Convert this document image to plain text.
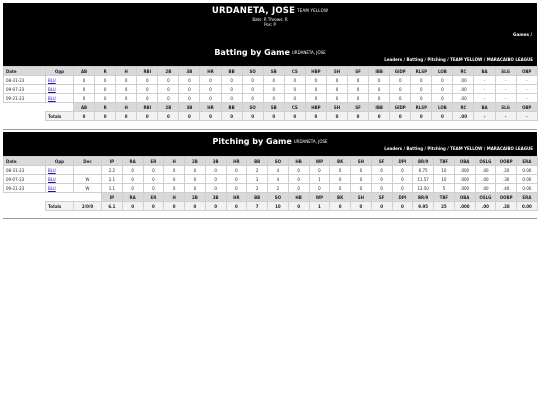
URDANETA, JOSE TEAM YELLOW
Bats: R Throws: R
Pos: P
Games /
Batting by Game $^{URDANETA, JOSE}$
Leaders / Batting / Pitching / TEAM YELLOW / MARACAIBO LEAGUE
Date	Opp	AB	R	H	RBI	2B	3B	HR	BB	SO	SB	CS	HBP	SH	SF	IBB	GIDP	RLSP	LOB	RC	BA	SLG	OBP
08-31-23	BLU	0	0	0	0	0	0	0	0	0	0	0	0	0	0	0	0	0	0	.00	-	-	-
09-07-23	BLU	0	0	0	0	0	0	0	0	0	0	0	0	0	0	0	0	0	0	.00	-	-	-
09-21-23	BLU	0	0	0	0	0	0	0	0	0	0	0	0	0	0	0	0	0	0	.00	-	-	-
		AB	R	H	RBI	2B	3B	HR	BB	SO	SB	CS	HBP	SH	SF	IBB	GIDP	RLSP	LOB	RC	BA	SLG	OBP
	Totals	0	0	0	0	0	0	0	0	0	0	0	0	0	0	0	0	0	0	.00	-	-	-
Pitching by Game $^{URDANETA, JOSE}$
Leaders / Batting / Pitching / TEAM YELLOW / MARACAIBO LEAGUE
Date	Opp	Dec	IP	RA	ER	H	2B	3B	HR	BB	SO	HB	WP	BK	SH	SF	DPI	BR/9	TBF	OBA	OSLG	OOBP	ERA
08-31-23	BLU		2.2	0	0	0	0	0	0	2	4	0	0	0	0	0	0	6.75	10	.000	.00	.20	0.00
09-07-23	BLU	W	2.1	0	0	0	0	0	0	3	4	0	1	0	0	0	0	11.57	10	.000	.00	.30	0.00
09-21-23	BLU	W	1.1	0	0	0	0	0	0	2	2	0	0	0	0	0	0	13.50	5	.000	.00	.40	0.00
			IP	RA	ER	H	2B	3B	HR	BB	SO	HB	WP	BK	SH	SF	DPI	BR/9	TBF	OBA	OSLG	OOBP	ERA
	Totals	2/0/0	6.1	0	0	0	0	0	0	7	10	0	1	0	0	0	0	9.95	25	.000	.00	.28	0.00
